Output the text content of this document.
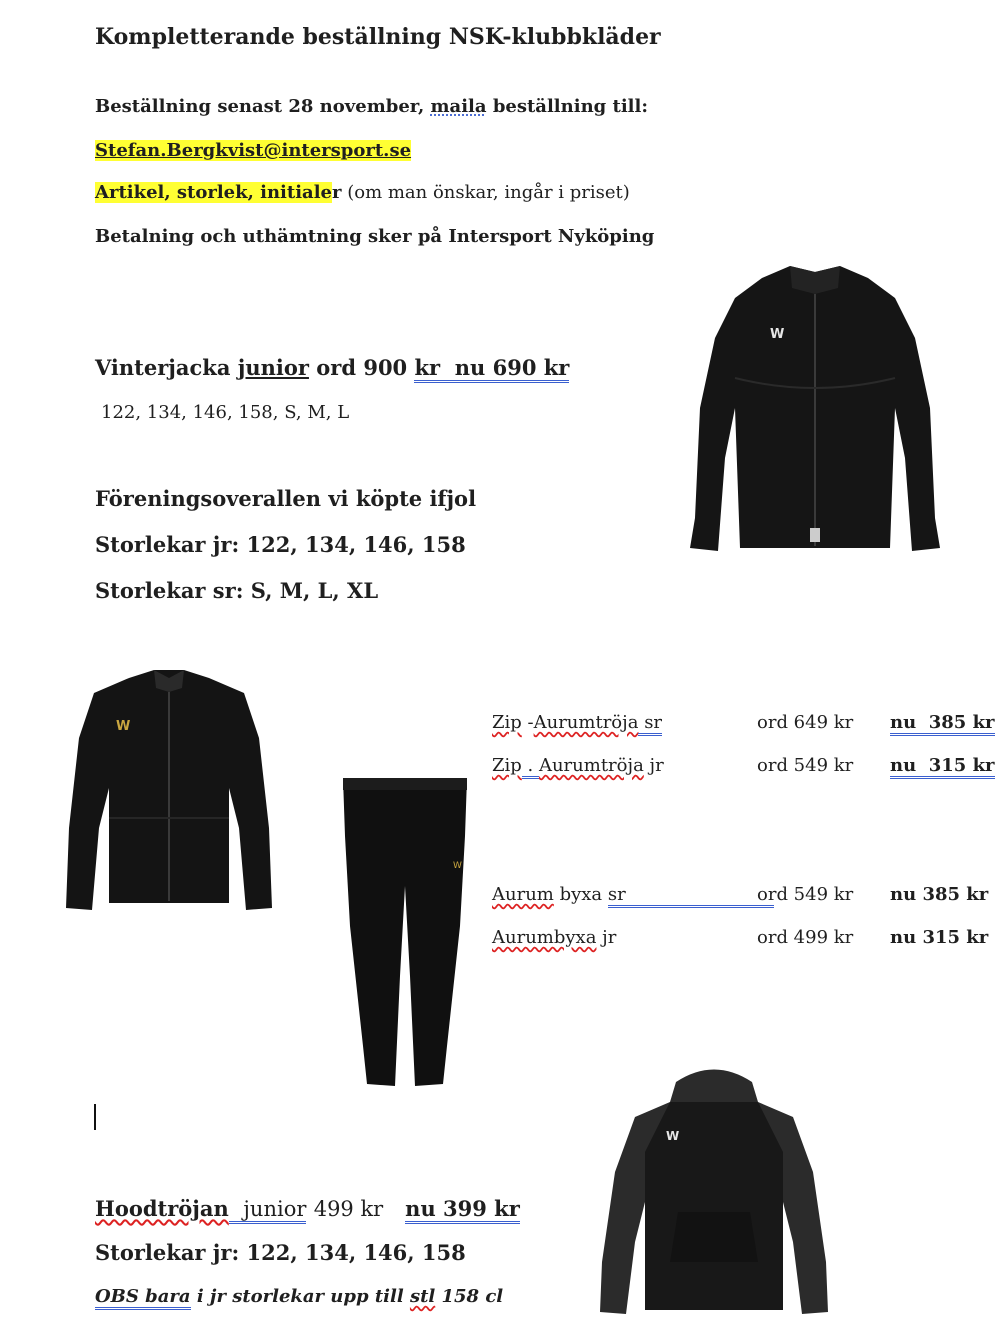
Kompletterande beställning NSK-klubbkläder
Beställning senast 28 november, maila beställning till:
Stefan.Bergkvist@intersport.se
Artikel, storlek, initialer (om man önskar, ingår i priset)
Betalning och uthämtning sker på Intersport Nyköping
Vinterjacka junior ord 900 kr nu 690 kr
122, 134, 146, 158, S, M, L
W
Föreningsoverallen vi köpte ifjol
Storlekar jr: 122, 134, 146, 158
Storlekar sr: S, M, L, XL
W
W
Zip -Aurumtröja sr	ord 649 kr nu 385 kr
Zip . Aurumtröja jr	ord 549 kr nu 315 kr
Aurum byxa sr	ord 549 kr nu 385 kr
Aurumbyxa jr	ord 499 kr nu 315 kr
W
Hoodtröjan junior 499 kr nu 399 kr
Storlekar jr: 122, 134, 146, 158
OBS bara i jr storlekar upp till stl 158 cl
